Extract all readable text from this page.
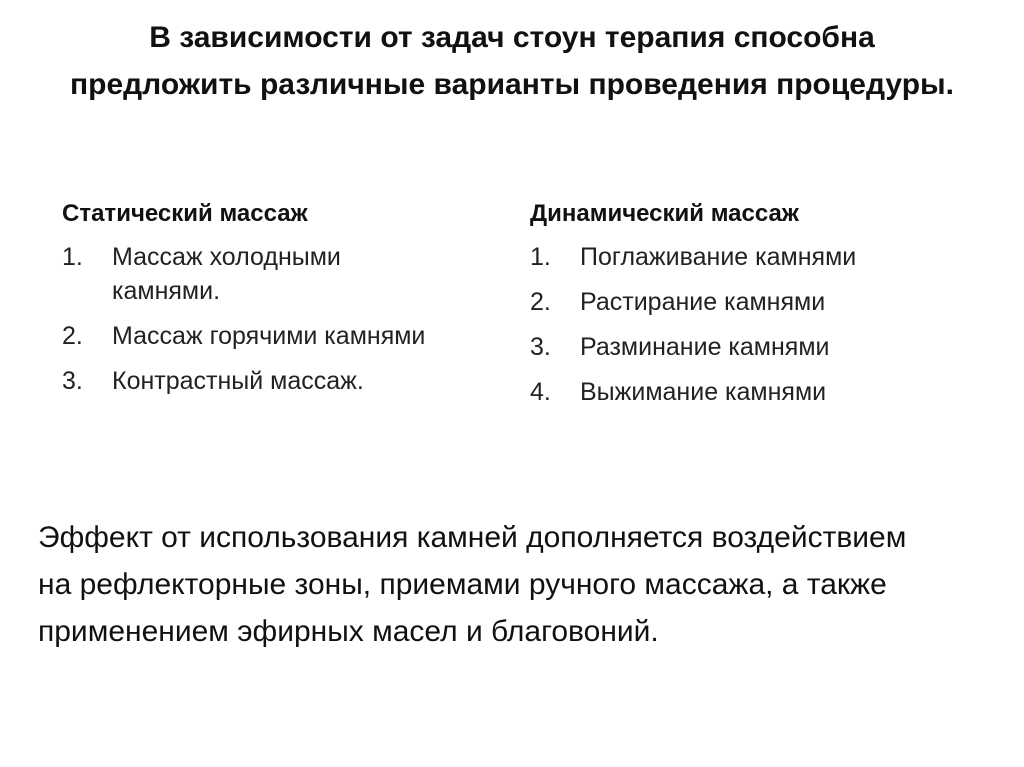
В зависимости от задач стоун терапия способна предложить различные варианты проведения процедуры.
Статический массаж
1.	Массаж холодными камнями.
2.	Массаж горячими камнями
3.	Контрастный массаж.
Динамический массаж
1.	Поглаживание камнями
2.	Растирание камнями
3.	Разминание камнями
4.	Выжимание камнями
Эффект от использования камней дополняется воздействием на рефлекторные зоны, приемами ручного массажа, а также применением эфирных масел и благовоний.
